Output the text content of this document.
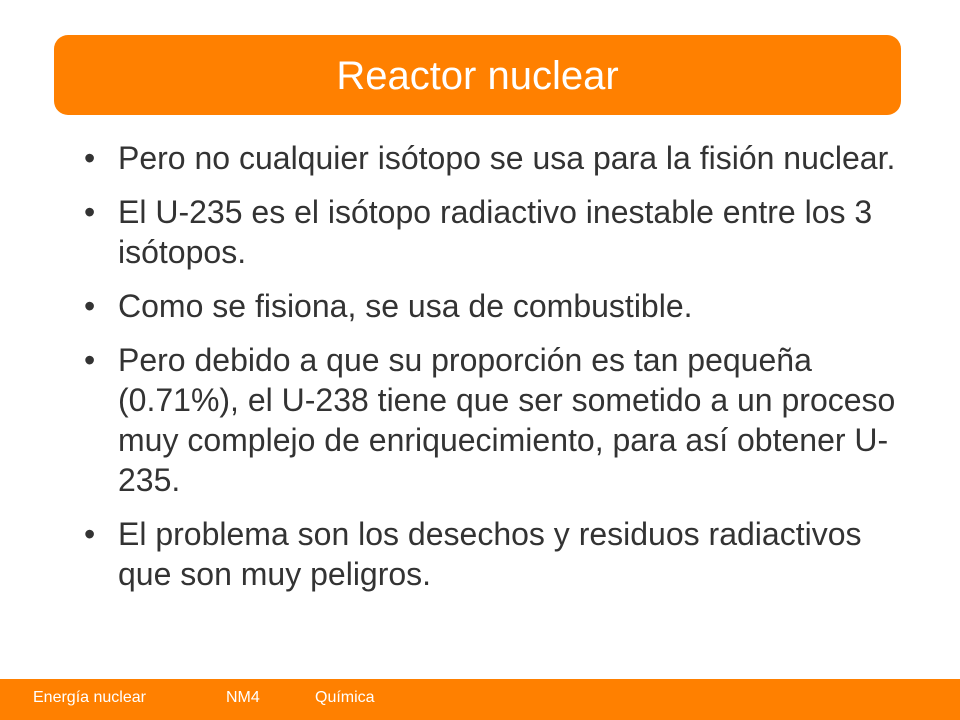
Reactor nuclear
• Pero no cualquier isótopo se usa para la fisión nuclear.
• El U-235 es el isótopo radiactivo inestable entre los 3 isótopos.
• Como se fisiona, se usa de combustible.
• Pero debido a que su proporción es tan pequeña (0.71%), el U-238 tiene que ser sometido a un proceso muy complejo de enriquecimiento, para así obtener U-235.
• El problema son los desechos y residuos radiactivos que son muy peligros.
Energía nuclear	NM4	Química
